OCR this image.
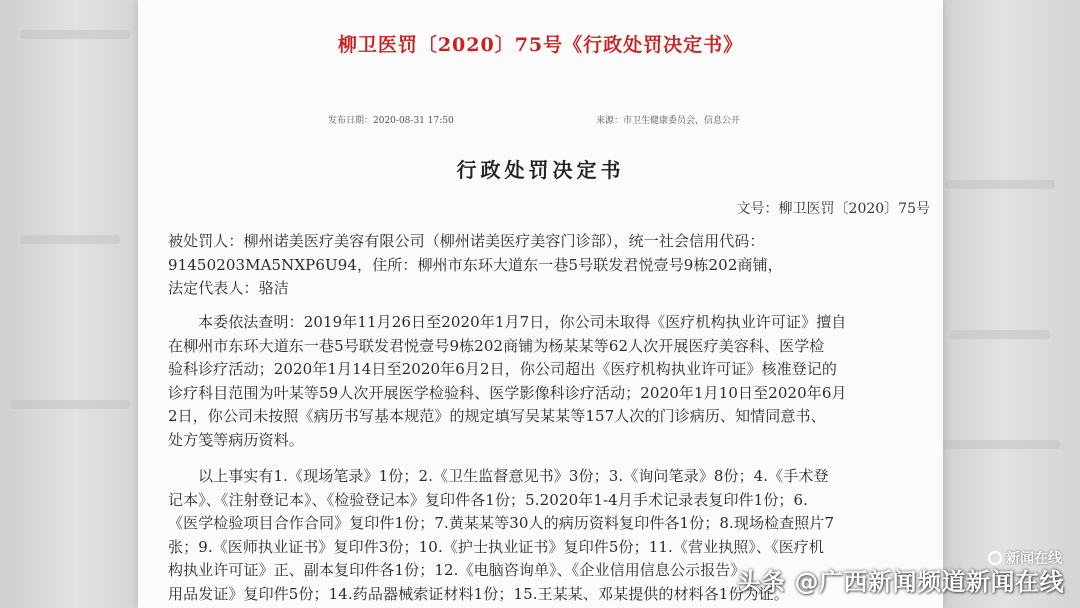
柳卫医罚〔2020〕75号《行政处罚决定书》
发布日期：2020-08-31 17:50	来源：市卫生健康委员会，信息公开
行政处罚决定书
文号：柳卫医罚〔2020〕75号
被处罚人：柳州诺美医疗美容有限公司（柳州诺美医疗美容门诊部），统一社会信用代码：
91450203MA5NXP6U94，住所：柳州市东环大道东一巷5号联发君悦壹号9栋202商铺，
法定代表人：骆洁
本委依法查明：2019年11月26日至2020年1月7日，你公司未取得《医疗机构执业许可证》擅自
在柳州市东环大道东一巷5号联发君悦壹号9栋202商铺为杨某某等62人次开展医疗美容科、医学检
验科诊疗活动；2020年1月14日至2020年6月2日，你公司超出《医疗机构执业许可证》核准登记的
诊疗科目范围为叶某等59人次开展医学检验科、医学影像科诊疗活动；2020年1月10日至2020年6月
2日，你公司未按照《病历书写基本规范》的规定填写吴某某等157人次的门诊病历、知情同意书、
处方笺等病历资料。
以上事实有1.《现场笔录》1份；2.《卫生监督意见书》3份；3.《询问笔录》8份；4.《手术登
记本》、《注射登记本》、《检验登记本》复印件各1份；5.2020年1-4月手术记录表复印件1份；6.
《医学检验项目合作合同》复印件1份；7.黄某某等30人的病历资料复印件各1份；8.现场检查照片7
张；9.《医师执业证书》复印件3份；10.《护士执业证书》复印件5份；11.《营业执照》、《医疗机
构执业许可证》正、副本复印件各1份；12.《电脑咨询单》、《企业信用信息公示报告》
用品发证》复印件5份；14.药品器械索证材料1份；15.王某某、邓某提供的材料各1份为证。
新闻在线
头条 @广西新闻频道新闻在线
